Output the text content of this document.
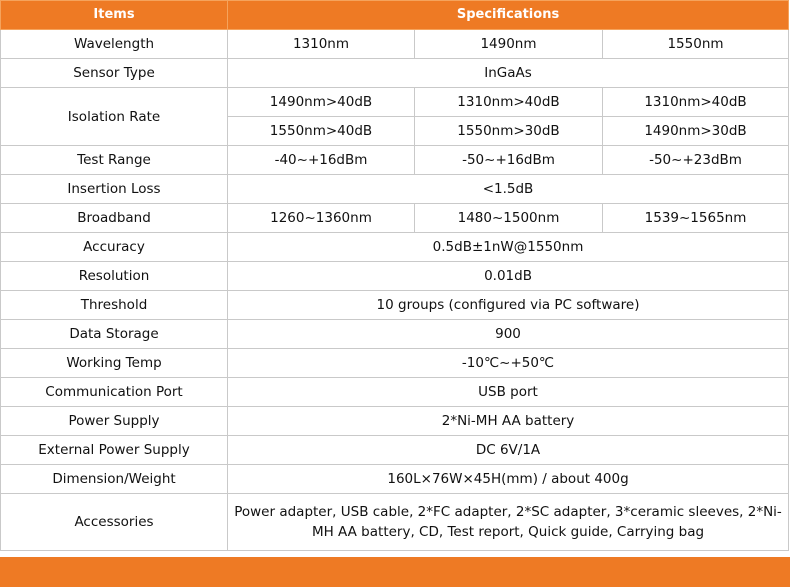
Items	Specifications		
Wavelength	1310nm	1490nm	1550nm
Sensor Type	InGaAs		
Isolation Rate	1490nm>40dB	1310nm>40dB	1310nm>40dB
	1550nm>40dB	1550nm>30dB	1490nm>30dB
Test Range	-40~+16dBm	-50~+16dBm	-50~+23dBm
Insertion Loss	<1.5dB		
Broadband	1260~1360nm	1480~1500nm	1539~1565nm
Accuracy	0.5dB±1nW@1550nm		
Resolution	0.01dB		
Threshold	10 groups (configured via PC software)		
Data Storage	900		
Working Temp	-10℃~+50℃		
Communication Port	USB port		
Power Supply	2*Ni-MH AA battery		
External Power Supply	DC 6V/1A		
Dimension/Weight	160L×76W×45H(mm) / about 400g		
Accessories	Power adapter, USB cable, 2*FC adapter, 2*SC adapter, 3*ceramic sleeves, 2*Ni-MH AA battery, CD, Test report, Quick guide, Carrying bag		
